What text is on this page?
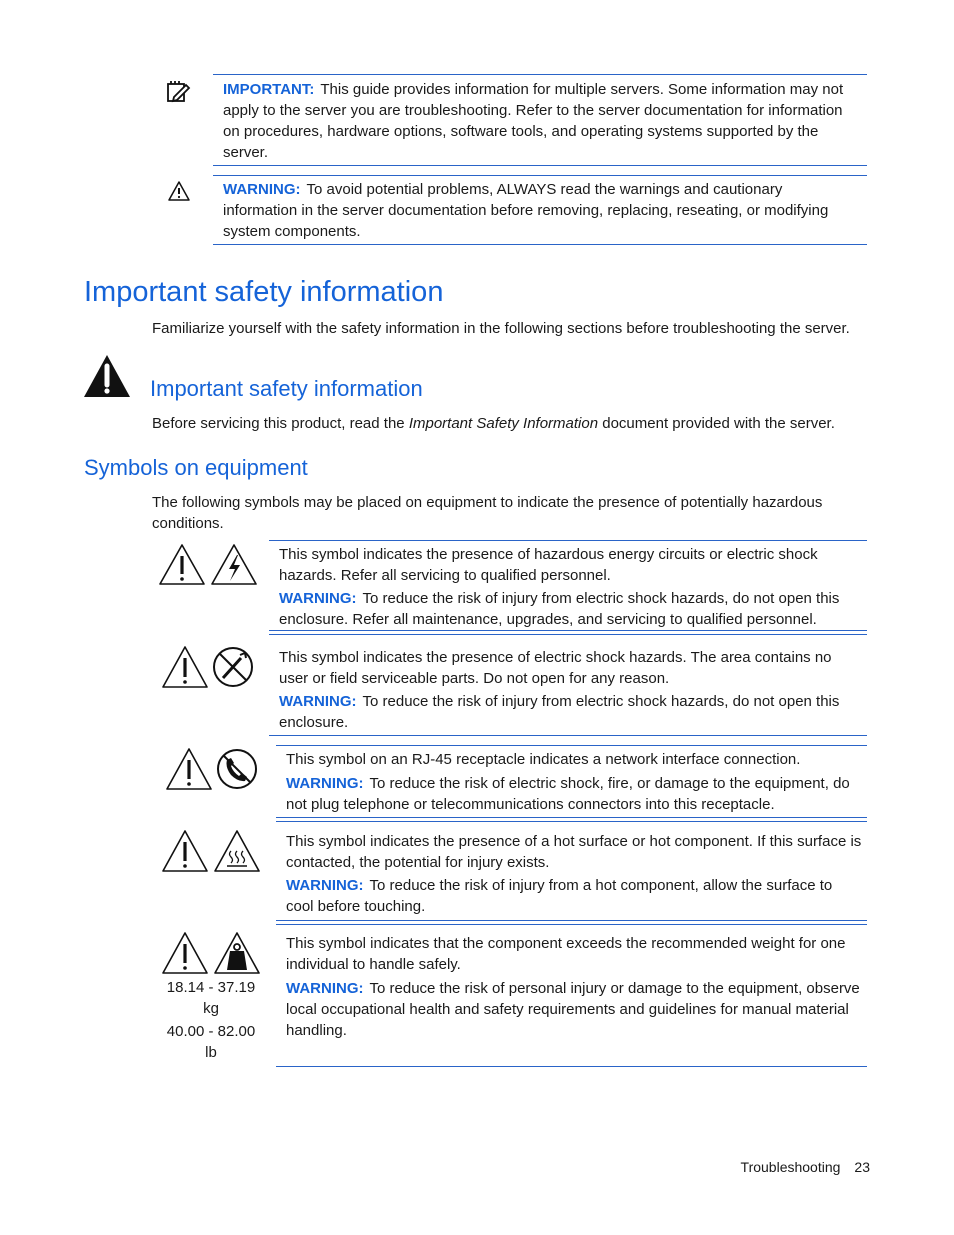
IMPORTANT: This guide provides information for multiple servers. Some information may not apply to the server you are troubleshooting. Refer to the server documentation for information on procedures, hardware options, software tools, and operating systems supported by the server.

WARNING: To avoid potential problems, ALWAYS read the warnings and cautionary information in the server documentation before removing, replacing, reseating, or modifying system components.

Important safety information

Familiarize yourself with the safety information in the following sections before troubleshooting the server.

Important safety information

Before servicing this product, read the Important Safety Information document provided with the server.

Symbols on equipment

The following symbols may be placed on equipment to indicate the presence of potentially hazardous conditions.

This symbol indicates the presence of hazardous energy circuits or electric shock hazards. Refer all servicing to qualified personnel.

WARNING: To reduce the risk of injury from electric shock hazards, do not open this enclosure. Refer all maintenance, upgrades, and servicing to qualified personnel.

This symbol indicates the presence of electric shock hazards. The area contains no user or field serviceable parts. Do not open for any reason.

WARNING: To reduce the risk of injury from electric shock hazards, do not open this enclosure.

This symbol on an RJ-45 receptacle indicates a network interface connection.

WARNING: To reduce the risk of electric shock, fire, or damage to the equipment, do not plug telephone or telecommunications connectors into this receptacle.

This symbol indicates the presence of a hot surface or hot component. If this surface is contacted, the potential for injury exists.

WARNING: To reduce the risk of injury from a hot component, allow the surface to cool before touching.

18.14 - 37.19
kg
40.00 - 82.00
lb

This symbol indicates that the component exceeds the recommended weight for one individual to handle safely.

WARNING: To reduce the risk of personal injury or damage to the equipment, observe local occupational health and safety requirements and guidelines for manual material handling.

Troubleshooting 23
